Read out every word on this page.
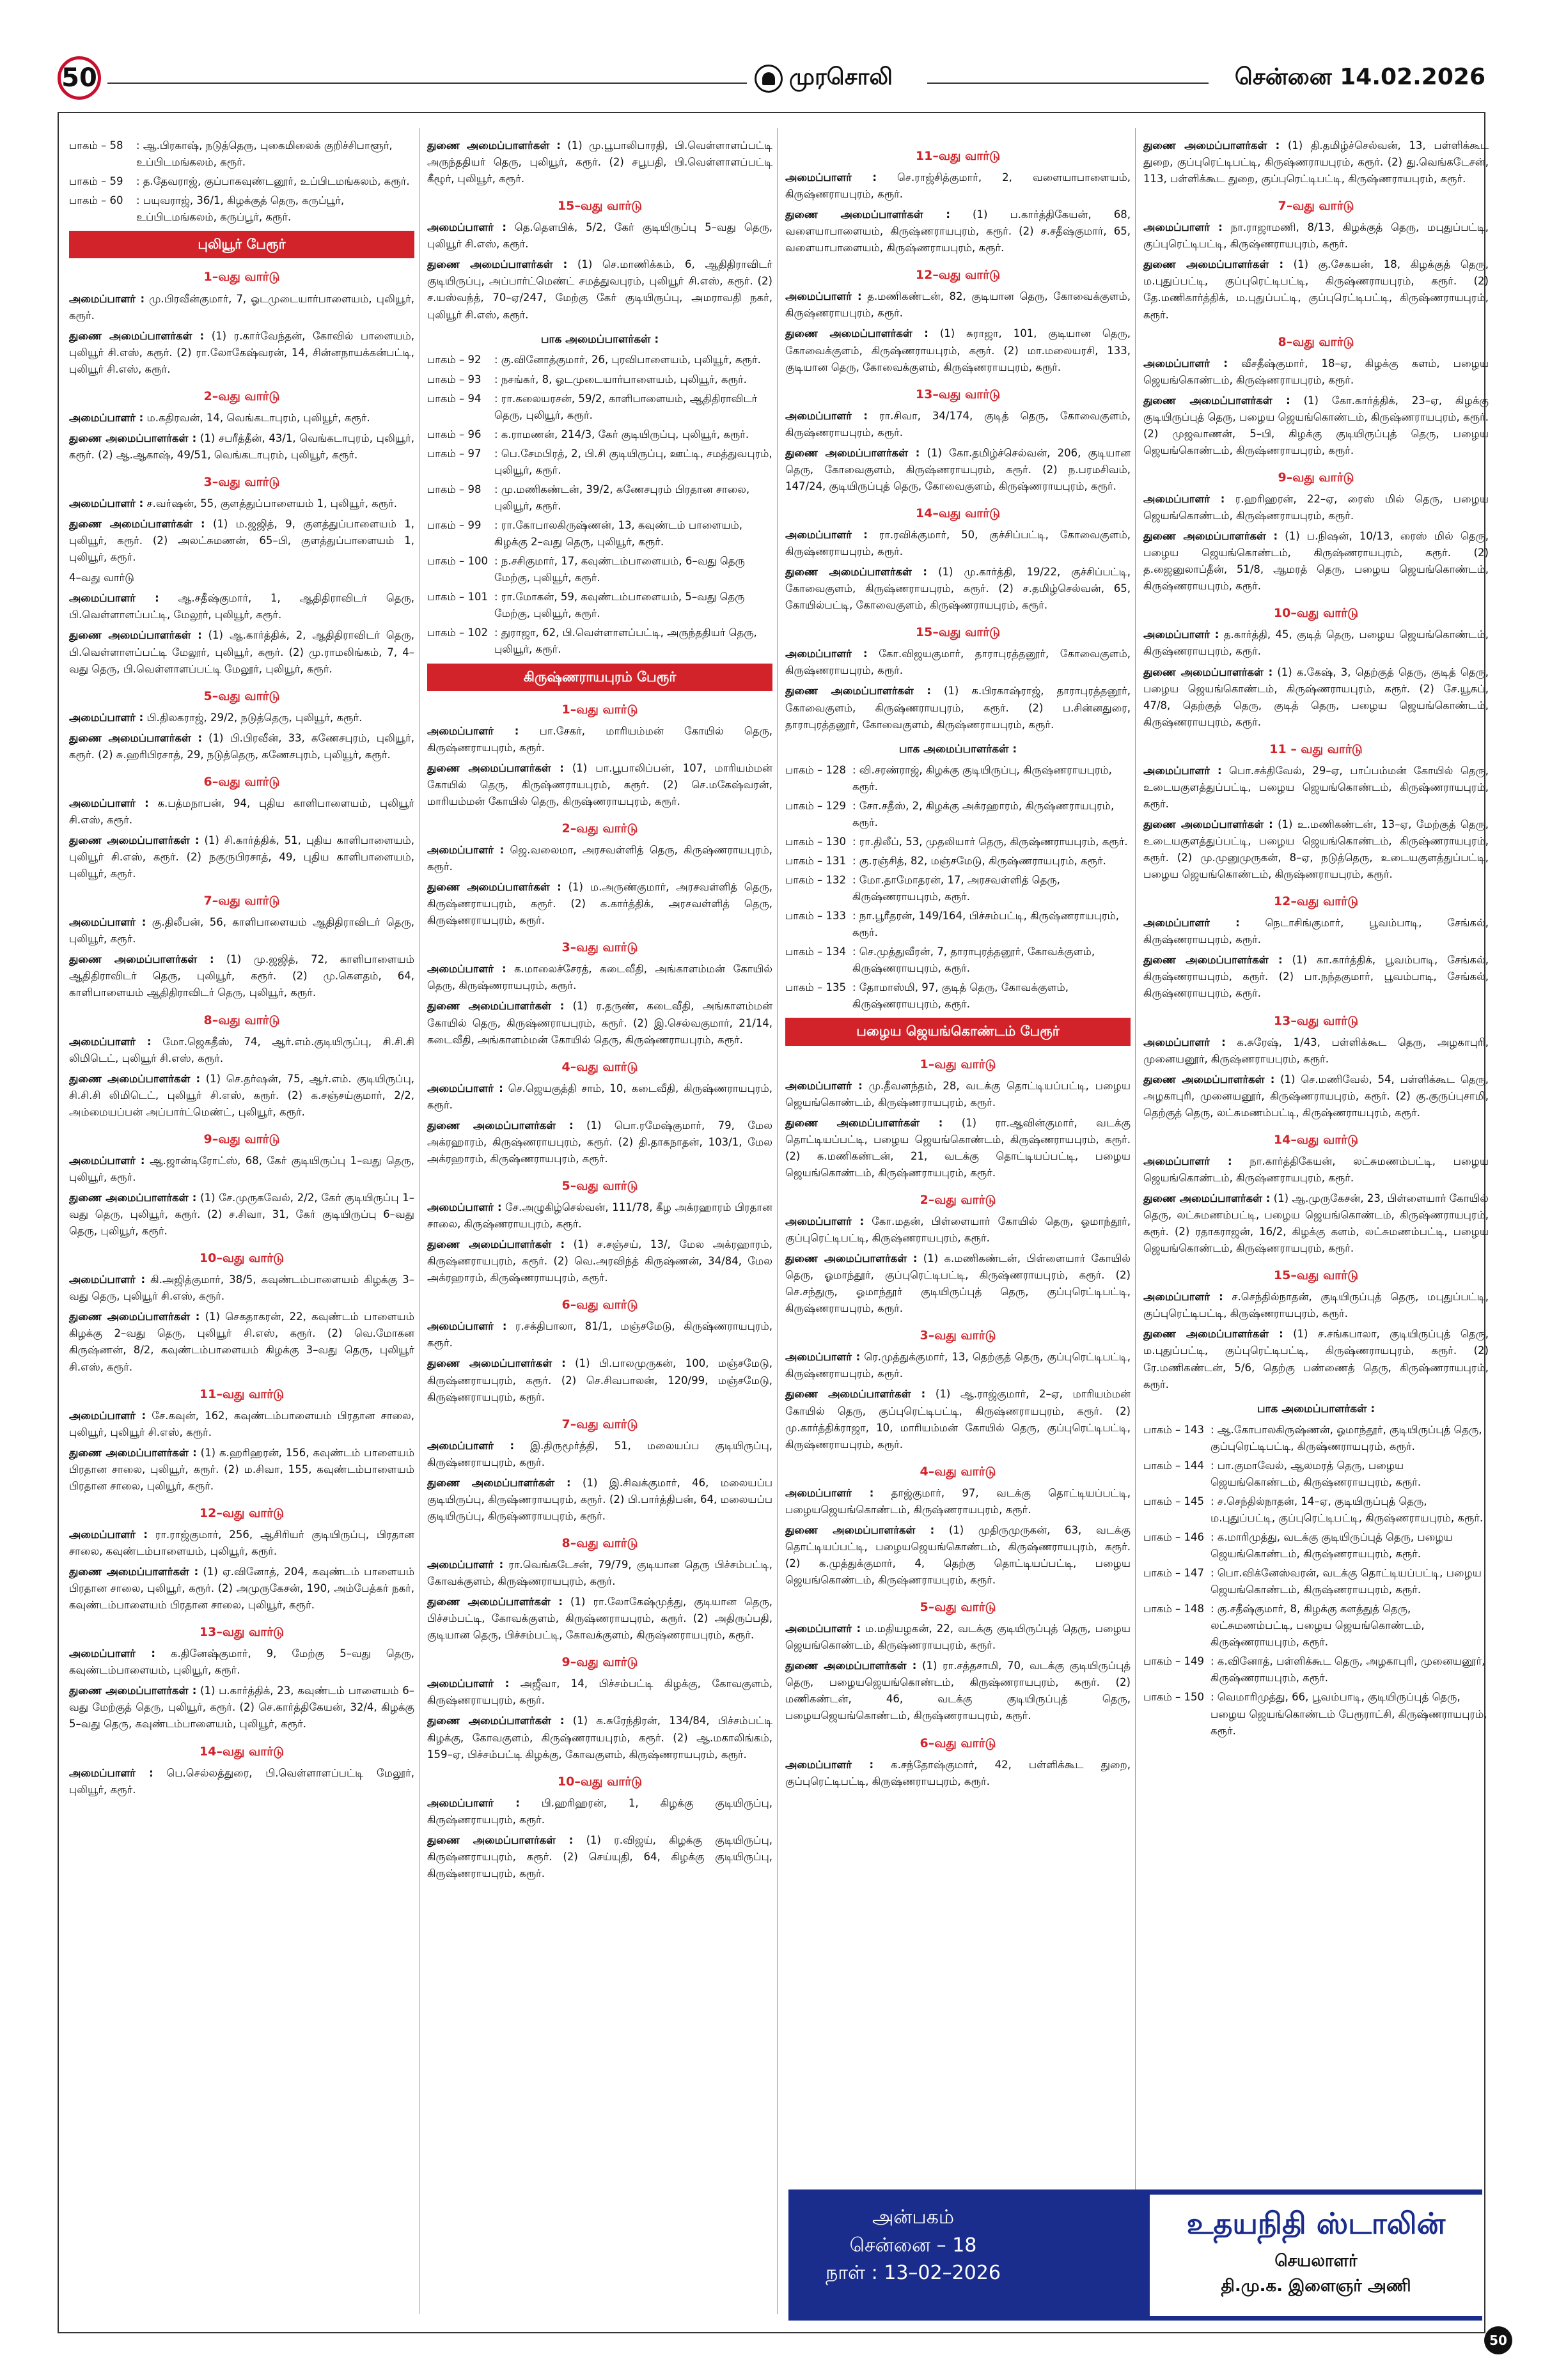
50	முரசொலி	சென்னை 14.02.2026
பாகம் – 58	: ஆ.பிரகாஷ், நடுத்தெரு, புகைமிலைக் குறிச்சிபாளூர், உப்பிடமங்கலம், கரூர்.
பாகம் – 59	: த.தேவராஜ், குப்பாகவுண்டனூர், உப்பிடமங்கலம், கரூர்.
பாகம் – 60	: பயுவராஜ், 36/1, கிழக்குத் தெரு, கருப்பூர், உப்பிடமங்கலம், கருப்பூர், கரூர்.
புலியூர் பேரூர்
1–வது வார்டு
அமைப்பாளர் : மு.பிரவீன்குமார், 7, ஓடமுடையார்பாளையம், புலியூர், கரூர்.
துணை அமைப்பாளர்கள் : (1) ர.கார்வேந்தன், கோவில் பாளையம், புலியூர் சி.எஸ், கரூர். (2) ரா.லோகேஷ்வரன், 14, சின்னநாயக்கன்பட்டி, புலியூர் சி.எஸ், கரூர்.
2–வது வார்டு
அமைப்பாளர் : ம.கதிரவன், 14, வெங்கடாபுரம், புலியூர், கரூர்.
துணை அமைப்பாளர்கள் : (1) சபரீத்தீன், 43/1, வெங்கடாபுரம், புலியூர், கரூர். (2) ஆ.ஆகாஷ், 49/51, வெங்கடாபுரம், புலியூர், கரூர்.
3–வது வார்டு
அமைப்பாளர் : ச.வர்ஷன், 55, குளத்துப்பாளையம் 1, புலியூர், கரூர்.
துணை அமைப்பாளர்கள் : (1) ம.ஜஜித், 9, குளத்துப்பாளையம் 1, புலியூர், கரூர். (2) அலட்சுமணன், 65–பி, குளத்துப்பாளையம் 1, புலியூர், கரூர்.
4–வது வார்டு
அமைப்பாளர் : ஆ.சதீஷ்குமார், 1, ஆதிதிராவிடர் தெரு, பி.வெள்ளாளப்பட்டி, மேலூர், புலியூர், கரூர்.
துணை அமைப்பாளர்கள் : (1) ஆ.கார்த்திக், 2, ஆதிதிராவிடர் தெரு, பி.வெள்ளாளப்பட்டி மேலூர், புலியூர், கரூர். (2) மு.ராமலிங்கம், 7, 4–வது தெரு, பி.வெள்ளாளப்பட்டி மேலூர், புலியூர், கரூர்.
5–வது வார்டு
அமைப்பாளர் : பி.திலகராஜ், 29/2, நடுத்தெரு, புலியூர், கரூர்.
துணை அமைப்பாளர்கள் : (1) பி.பிரவீன், 33, கணேசபுரம், புலியூர், கரூர். (2) சு.ஹரிபிரசாத், 29, நடுத்தெரு, கணேசபுரம், புலியூர், கரூர்.
6–வது வார்டு
அமைப்பாளர் : க.பத்மநாபன், 94, புதிய காளிபாளையம், புலியூர் சி.எஸ், கரூர்.
துணை அமைப்பாளர்கள் : (1) சி.கார்த்திக், 51, புதிய காளிபாளையம், புலியூர் சி.எஸ், கரூர். (2) நகுருபிரசாத், 49, புதிய காளிபாளையம், புலியூர், கரூர்.
7–வது வார்டு
அமைப்பாளர் : கு.திலீபன், 56, காளிபாளையம் ஆதிதிராவிடர் தெரு, புலியூர், கரூர்.
துணை அமைப்பாளர்கள் : (1) மு.ஜஜித், 72, காளிபாளையம் ஆதிதிராவிடர் தெரு, புலியூர், கரூர். (2) மு.கௌதம், 64, காளிபாளையம் ஆதிதிராவிடர் தெரு, புலியூர், கரூர்.
8–வது வார்டு
அமைப்பாளர் : மோ.ஜெகதீஸ், 74, ஆர்.எம்.குடியிருப்பு, சி.சி.சி லிமிடெட், புலியூர் சி.எஸ், கரூர்.
துணை அமைப்பாளர்கள் : (1) செ.தர்ஷன், 75, ஆர்.எம். குடியிருப்பு, சி.சி.சி லிமிடெட், புலியூர் சி.எஸ், கரூர். (2) க.சஞ்சய்குமார், 2/2, அம்மையப்பன் அப்பார்ட்மெண்ட், புலியூர், கரூர்.
9–வது வார்டு
அமைப்பாளர் : ஆ.ஜான்டிரோட்ஸ், 68, கேர் குடியிருப்பு 1–வது தெரு, புலியூர், கரூர்.
துணை அமைப்பாளர்கள் : (1) சே.முருகவேல், 2/2, கேர் குடியிருப்பு 1–வது தெரு, புலியூர், கரூர். (2) ச.சிவா, 31, கேர் குடியிருப்பு 6–வது தெரு, புலியூர், கரூர்.
10–வது வார்டு
அமைப்பாளர் : கி.அஜித்குமார், 38/5, கவுண்டம்பாளையம் கிழக்கு 3–வது தெரு, புலியூர் சி.எஸ், கரூர்.
துணை அமைப்பாளர்கள் : (1) செகதாகரன், 22, கவுண்டம் பாளையம் கிழக்கு 2–வது தெரு, புலியூர் சி.எஸ், கரூர். (2) வெ.மோகன கிருஷ்ணன், 8/2, கவுண்டம்பாளையம் கிழக்கு 3–வது தெரு, புலியூர் சி.எஸ், கரூர்.
11–வது வார்டு
அமைப்பாளர் : சே.கவுன், 162, கவுண்டம்பாளையம் பிரதான சாலை, புலியூர், புலியூர் சி.எஸ், கரூர்.
துணை அமைப்பாளர்கள் : (1) க.ஹரிஹரன், 156, கவுண்டம் பாளையம் பிரதான சாலை, புலியூர், கரூர். (2) ம.சிவா, 155, கவுண்டம்பாளையம் பிரதான சாலை, புலியூர், கரூர்.
12–வது வார்டு
அமைப்பாளர் : ரா.ராஜ்குமார், 256, ஆசிரியர் குடியிருப்பு, பிரதான சாலை, கவுண்டம்பாளையம், புலியூர், கரூர்.
துணை அமைப்பாளர்கள் : (1) ஏ.வினோத், 204, கவுண்டம் பாளையம் பிரதான சாலை, புலியூர், கரூர். (2) அமுருகேசன், 190, அம்பேத்கர் நகர், கவுண்டம்பாளையம் பிரதான சாலை, புலியூர், கரூர்.
13–வது வார்டு
அமைப்பாளர் : க.தினேஷ்குமார், 9, மேற்கு 5–வது தெரு, கவுண்டம்பாளையம், புலியூர், கரூர்.
துணை அமைப்பாளர்கள் : (1) ப.கார்த்திக், 23, கவுண்டம் பாளையம் 6–வது மேற்குத் தெரு, புலியூர், கரூர். (2) செ.கார்த்திகேயன், 32/4, கிழக்கு 5–வது தெரு, கவுண்டம்பாளையம், புலியூர், கரூர்.
14–வது வார்டு
அமைப்பாளர் : பெ.செல்லத்துரை, பி.வெள்ளாளப்பட்டி மேலூர், புலியூர், கரூர்.
துணை அமைப்பாளர்கள் : (1) மு.பூபாலிபாரதி, பி.வெள்ளாளப்பட்டி அருந்ததியர் தெரு, புலியூர், கரூர். (2) சபூபதி, பி.வெள்ளாளப்பட்டி கீழூர், புலியூர், கரூர்.
15–வது வார்டு
அமைப்பாளர் : தெ.தெளபிக், 5/2, கேர் குடியிருப்பு 5–வது தெரு, புலியூர் சி.எஸ், கரூர்.
துணை அமைப்பாளர்கள் : (1) செ.மாணிக்கம், 6, ஆதிதிராவிடர் குடியிருப்பு, அப்பார்ட்மெண்ட் சமத்துவபுரம், புலியூர் சி.எஸ், கரூர். (2) ச.யஸ்வந்த், 70–ஏ/247, மேற்கு கேர் குடியிருப்பு, அமராவதி நகர், புலியூர் சி.எஸ், கரூர்.
பாக அமைப்பாளர்கள் :
பாகம் – 92	: கு.வினோத்குமார், 26, புரவிபாளையம், புலியூர், கரூர்.
பாகம் – 93	: நசங்கர், 8, ஓடமுடையார்பாளையம், புலியூர், கரூர்.
பாகம் – 94	: ரா.கலையரசன், 59/2, காளிபாளையம், ஆதிதிராவிடர் தெரு, புலியூர், கரூர்.
பாகம் – 96	: க.ராமணன், 214/3, கேர் குடியிருப்பு, புலியூர், கரூர்.
பாகம் – 97	: பெ.சேமபிரத், 2, பி.சி குடியிருப்பு, ஊட்டி, சமத்துவபுரம், புலியூர், கரூர்.
பாகம் – 98	: மு.மணிகண்டன், 39/2, கணேசபுரம் பிரதான சாலை, புலியூர், கரூர்.
பாகம் – 99	: ரா.கோபாலகிருஷ்ணன், 13, கவுண்டம் பாளையம், கிழக்கு 2–வது தெரு, புலியூர், கரூர்.
பாகம் – 100 : ந.சசிகுமார், 17, கவுண்டம்பாளையம், 6–வது தெரு மேற்கு, புலியூர், கரூர்.
பாகம் – 101 : ரா.மோகன், 59, கவுண்டம்பாளையம், 5–வது தெரு மேற்கு, புலியூர், கரூர்.
பாகம் – 102 : துராஜா, 62, பி.வெள்ளாளப்பட்டி, அருந்ததியர் தெரு, புலியூர், கரூர்.
கிருஷ்ணராயபுரம் பேரூர்
1–வது வார்டு
அமைப்பாளர் : பா.சேகர், மாரியம்மன் கோயில் தெரு, கிருஷ்ணராயபுரம், கரூர்.
துணை அமைப்பாளர்கள் : (1) பா.பூபாலிப்பன், 107, மாரியம்மன் கோயில் தெரு, கிருஷ்ணராயபுரம், கரூர். (2) செ.மகேஷ்வரன், மாரியம்மன் கோயில் தெரு, கிருஷ்ணராயபுரம், கரூர்.
2–வது வார்டு
அமைப்பாளர் : ஜெ.வலைமா, அரசவள்ளித் தெரு, கிருஷ்ணராயபுரம், கரூர்.
துணை அமைப்பாளர்கள் : (1) ம.அருண்குமார், அரசவள்ளித் தெரு, கிருஷ்ணராயபுரம், கரூர். (2) க.கார்த்திக், அரசவள்ளித் தெரு, கிருஷ்ணராயபுரம், கரூர்.
3–வது வார்டு
அமைப்பாளர் : க.மாலைச்சேரத், கடைவீதி, அங்காளம்மன் கோயில் தெரு, கிருஷ்ணராயபுரம், கரூர்.
துணை அமைப்பாளர்கள் : (1) ர.தருண், கடைவீதி, அங்காளம்மன் கோயில் தெரு, கிருஷ்ணராயபுரம், கரூர். (2) இ.செல்வகுமார், 21/14, கடைவீதி, அங்காளம்மன் கோயில் தெரு, கிருஷ்ணராயபுரம், கரூர்.
4–வது வார்டு
அமைப்பாளர் : செ.ஜெயகுத்தி சாம், 10, கடைவீதி, கிருஷ்ணராயபுரம், கரூர்.
துணை அமைப்பாளர்கள் : (1) பொ.ரமேஷ்குமார், 79, மேல அக்ரஹாரம், கிருஷ்ணராயபுரம், கரூர். (2) தி.தாகநாதன், 103/1, மேல அக்ரஹாரம், கிருஷ்ணராயபுரம், கரூர்.
5–வது வார்டு
அமைப்பாளர் : சே.அழுகிழ்செல்வன், 111/78, கீழ அக்ரஹாரம் பிரதான சாலை, கிருஷ்ணராயபுரம், கரூர்.
துணை அமைப்பாளர்கள் : (1) ச.சஞ்சய், 13/, மேல அக்ரஹாரம், கிருஷ்ணராயபுரம், கரூர். (2) வெ.அரவிந்த் கிருஷ்ணன், 34/84, மேல அக்ரஹாரம், கிருஷ்ணராயபுரம், கரூர்.
6–வது வார்டு
அமைப்பாளர் : ர.சக்திபாலா, 81/1, மஞ்சமேடு, கிருஷ்ணராயபுரம், கரூர்.
துணை அமைப்பாளர்கள் : (1) பி.பாலமுருகன், 100, மஞ்சமேடு, கிருஷ்ணராயபுரம், கரூர். (2) செ.சிவபாலன், 120/99, மஞ்சமேடு, கிருஷ்ணராயபுரம், கரூர்.
7–வது வார்டு
அமைப்பாளர் : இ.திருமூர்த்தி, 51, மலையப்ப குடியிருப்பு, கிருஷ்ணராயபுரம், கரூர்.
துணை அமைப்பாளர்கள் : (1) இ.சிவக்குமார், 46, மலையப்ப குடியிருப்பு, கிருஷ்ணராயபுரம், கரூர். (2) பி.பார்த்திபன், 64, மலையப்ப குடியிருப்பு, கிருஷ்ணராயபுரம், கரூர்.
8–வது வார்டு
அமைப்பாளர் : ரா.வெங்கடேசன், 79/79, குடியான தெரு பிச்சம்பட்டி, கோவக்குளம், கிருஷ்ணராயபுரம், கரூர்.
துணை அமைப்பாளர்கள் : (1) ரா.லோகேஷ்முத்து, குடியான தெரு, பிச்சம்பட்டி, கோவக்குளம், கிருஷ்ணராயபுரம், கரூர். (2) அதிருப்பதி, குடியான தெரு, பிச்சம்பட்டி, கோவக்குளம், கிருஷ்ணராயபுரம், கரூர்.
9–வது வார்டு
அமைப்பாளர் : அஜீவா, 14, பிச்சம்பட்டி கிழக்கு, கோவகுளம், கிருஷ்ணராயபுரம், கரூர்.
துணை அமைப்பாளர்கள் : (1) க.சுரேந்திரன், 134/84, பிச்சம்பட்டி கிழக்கு, கோவகுளம், கிருஷ்ணராயபுரம், கரூர். (2) ஆ.மகாலிங்கம், 159–ஏ, பிச்சம்பட்டி கிழக்கு, கோவகுளம், கிருஷ்ணராயபுரம், கரூர்.
10–வது வார்டு
அமைப்பாளர் : பி.ஹரிஹரன், 1, கிழக்கு குடியிருப்பு, கிருஷ்ணராயபுரம், கரூர்.
துணை அமைப்பாளர்கள் : (1) ர.விஜய், கிழக்கு குடியிருப்பு, கிருஷ்ணராயபுரம், கரூர். (2) செய்யுதி, 64, கிழக்கு குடியிருப்பு, கிருஷ்ணராயபுரம், கரூர்.
11–வது வார்டு
அமைப்பாளர் : செ.ராஜ்சித்குமார், 2, வளையாபாளையம், கிருஷ்ணராயபுரம், கரூர்.
துணை அமைப்பாளர்கள் : (1) ப.கார்த்திகேயன், 68, வளையாபாளையம், கிருஷ்ணராயபுரம், கரூர். (2) ச.சதீஷ்குமார், 65, வளையாபாளையம், கிருஷ்ணராயபுரம், கரூர்.
12–வது வார்டு
அமைப்பாளர் : த.மணிகண்டன், 82, குடியான தெரு, கோவைக்குளம், கிருஷ்ணராயபுரம், கரூர்.
துணை அமைப்பாளர்கள் : (1) சுராஜா, 101, குடியான தெரு, கோவைக்குளம், கிருஷ்ணராயபுரம், கரூர். (2) மா.மலையரசி, 133, குடியான தெரு, கோவைக்குளம், கிருஷ்ணராயபுரம், கரூர்.
13–வது வார்டு
அமைப்பாளர் : ரா.சிவா, 34/174, குடித் தெரு, கோவைகுளம், கிருஷ்ணராயபுரம், கரூர்.
துணை அமைப்பாளர்கள் : (1) கோ.தமிழ்ச்செல்வன், 206, குடியான தெரு, கோவைகுளம், கிருஷ்ணராயபுரம், கரூர். (2) ந.பரமசிவம், 147/24, குடியிருப்புத் தெரு, கோவைகுளம், கிருஷ்ணராயபுரம், கரூர்.
14–வது வார்டு
அமைப்பாளர் : ரா.ரவிக்குமார், 50, குச்சிப்பட்டி, கோவைகுளம், கிருஷ்ணராயபுரம், கரூர்.
துணை அமைப்பாளர்கள் : (1) மு.கார்த்தி, 19/22, குச்சிப்பட்டி, கோவைகுளம், கிருஷ்ணராயபுரம், கரூர். (2) ச.தமிழ்செல்வன், 65, கோயில்பட்டி, கோவைகுளம், கிருஷ்ணராயபுரம், கரூர்.
15–வது வார்டு
அமைப்பாளர் : கோ.விஜயகுமார், தாராபுரத்தனூர், கோவைகுளம், கிருஷ்ணராயபுரம், கரூர்.
துணை அமைப்பாளர்கள் : (1) க.பிரகாஷ்ராஜ், தாராபுரத்தனூர், கோவைகுளம், கிருஷ்ணராயபுரம், கரூர். (2) ப.சின்னதுரை, தாராபுரத்தனூர், கோவைகுளம், கிருஷ்ணராயபுரம், கரூர்.
பாக அமைப்பாளர்கள் :
பாகம் – 128 : வி.சரண்ராஜ், கிழக்கு குடியிருப்பு, கிருஷ்ணராயபுரம், கரூர்.
பாகம் – 129 : சோ.சதீஸ், 2, கிழக்கு அக்ரஹாரம், கிருஷ்ணராயபுரம், கரூர்.
பாகம் – 130 : ரா.திலீப், 53, முதலியார் தெரு, கிருஷ்ணராயபுரம், கரூர்.
பாகம் – 131 : கு.ரஞ்சித், 82, மஞ்சமேடு, கிருஷ்ணராயபுரம், கரூர்.
பாகம் – 132 : மோ.தாமோதரன், 17, அரசவள்ளித் தெரு, கிருஷ்ணராயபுரம், கரூர்.
பாகம் – 133 : நா.பூரீதரன், 149/164, பிச்சம்பட்டி, கிருஷ்ணராயபுரம், கரூர்.
பாகம் – 134 : செ.முத்துவீரன், 7, தாராபுரத்தனூர், கோவக்குளம், கிருஷ்ணராயபுரம், கரூர்.
பாகம் – 135 : தோமாஸ்மி, 97, குடித் தெரு, கோவக்குளம், கிருஷ்ணராயபுரம், கரூர்.
பழைய ஜெயங்கொண்டம் பேரூர்
1–வது வார்டு
அமைப்பாளர் : மு.தீவனந்தம், 28, வடக்கு தொட்டியப்பட்டி, பழைய ஜெயங்கொண்டம், கிருஷ்ணராயபுரம், கரூர்.
துணை அமைப்பாளர்கள் : (1) ரா.ஆவின்குமார், வடக்கு தொட்டியப்பட்டி, பழைய ஜெயங்கொண்டம், கிருஷ்ணராயபுரம், கரூர். (2) க.மணிகண்டன், 21, வடக்கு தொட்டியப்பட்டி, பழைய ஜெயங்கொண்டம், கிருஷ்ணராயபுரம், கரூர்.
2–வது வார்டு
அமைப்பாளர் : கோ.மதன், பிள்ளையார் கோயில் தெரு, ஓமாந்தூர், குப்புரெட்டிபட்டி, கிருஷ்ணராயபுரம், கரூர்.
துணை அமைப்பாளர்கள் : (1) க.மணிகண்டன், பிள்ளையார் கோயில் தெரு, ஓமாந்தூர், குப்புரெட்டிபட்டி, கிருஷ்ணராயபுரம், கரூர். (2) செ.சந்துரு, ஓமாந்தூர் குடியிருப்புத் தெரு, குப்புரெட்டிபட்டி, கிருஷ்ணராயபுரம், கரூர்.
3–வது வார்டு
அமைப்பாளர் : ரெ.முத்துக்குமார், 13, தெற்குத் தெரு, குப்புரெட்டிபட்டி, கிருஷ்ணராயபுரம், கரூர்.
துணை அமைப்பாளர்கள் : (1) ஆ.ராஜ்குமார், 2–ஏ, மாரியம்மன் கோயில் தெரு, குப்புரெட்டிபட்டி, கிருஷ்ணராயபுரம், கரூர். (2) மு.கார்த்திக்ராஜா, 10, மாரியம்மன் கோயில் தெரு, குப்புரெட்டிபட்டி, கிருஷ்ணராயபுரம், கரூர்.
4–வது வார்டு
அமைப்பாளர் : தாஜ்குமார், 97, வடக்கு தொட்டியப்பட்டி, பழையஜெயங்கொண்டம், கிருஷ்ணராயபுரம், கரூர்.
துணை அமைப்பாளர்கள் : (1) முதிருமுருகன், 63, வடக்கு தொட்டியப்பட்டி, பழையஜெயங்கொண்டம், கிருஷ்ணராயபுரம், கரூர். (2) க.முத்துக்குமார், 4, தெற்கு தொட்டியப்பட்டி, பழைய ஜெயங்கொண்டம், கிருஷ்ணராயபுரம், கரூர்.
5–வது வார்டு
அமைப்பாளர் : ம.மதியழகன், 22, வடக்கு குடியிருப்புத் தெரு, பழைய ஜெயங்கொண்டம், கிருஷ்ணராயபுரம், கரூர்.
துணை அமைப்பாளர்கள் : (1) ரா.சத்தசாமி, 70, வடக்கு குடியிருப்புத் தெரு, பழையஜெயங்கொண்டம், கிருஷ்ணராயபுரம், கரூர். (2) மணிகண்டன், 46, வடக்கு குடியிருப்புத் தெரு, பழையஜெயங்கொண்டம், கிருஷ்ணராயபுரம், கரூர்.
6–வது வார்டு
அமைப்பாளர் : க.சந்தோஷ்குமார், 42, பள்ளிக்கூட துறை, குப்புரெட்டிபட்டி, கிருஷ்ணராயபுரம், கரூர்.
துணை அமைப்பாளர்கள் : (1) தி.தமிழ்ச்செல்வன், 13, பள்ளிக்கூட துறை, குப்புரெட்டிபட்டி, கிருஷ்ணராயபுரம், கரூர். (2) து.வெங்கடேசன், 113, பள்ளிக்கூட துறை, குப்புரெட்டிபட்டி, கிருஷ்ணராயபுரம், கரூர்.
7–வது வார்டு
அமைப்பாளர் : நா.ராஜாமணி, 8/13, கிழக்குத் தெரு, மபுதுப்பட்டி, குப்புரெட்டிபட்டி, கிருஷ்ணராயபுரம், கரூர்.
துணை அமைப்பாளர்கள் : (1) கு.சேகயன், 18, கிழக்குத் தெரு, ம.புதுப்பட்டி, குப்புரெட்டிபட்டி, கிருஷ்ணராயபுரம், கரூர். (2) தே.மணிகார்த்திக், ம.புதுப்பட்டி, குப்புரெட்டிபட்டி, கிருஷ்ணராயபுரம், கரூர்.
8–வது வார்டு
அமைப்பாளர் : வீசதீஷ்குமார், 18–ஏ, கிழக்கு களம், பழைய ஜெயங்கொண்டம், கிருஷ்ணராயபுரம், கரூர்.
துணை அமைப்பாளர்கள் : (1) கோ.கார்த்திக், 23–ஏ, கிழக்கு குடியிருப்புத் தெரு, பழைய ஜெயங்கொண்டம், கிருஷ்ணராயபுரம், கரூர். (2) முஜவாணன், 5–பி, கிழக்கு குடியிருப்புத் தெரு, பழைய ஜெயங்கொண்டம், கிருஷ்ணராயபுரம், கரூர்.
9–வது வார்டு
அமைப்பாளர் : ர.ஹரிஹரன், 22–ஏ, ரைஸ் மில் தெரு, பழைய ஜெயங்கொண்டம், கிருஷ்ணராயபுரம், கரூர்.
துணை அமைப்பாளர்கள் : (1) ப.நிஷன், 10/13, ரைஸ் மில் தெரு, பழைய ஜெயங்கொண்டம், கிருஷ்ணராயபுரம், கரூர். (2) த.ஜைனுலாப்தீன், 51/8, ஆமரத் தெரு, பழைய ஜெயங்கொண்டம், கிருஷ்ணராயபுரம், கரூர்.
10–வது வார்டு
அமைப்பாளர் : த.கார்த்தி, 45, குடித் தெரு, பழைய ஜெயங்கொண்டம், கிருஷ்ணராயபுரம், கரூர்.
துணை அமைப்பாளர்கள் : (1) க.கேஷ், 3, தெற்குத் தெரு, குடித் தெரு, பழைய ஜெயங்கொண்டம், கிருஷ்ணராயபுரம், கரூர். (2) சே.யூசுப், 47/8, தெற்குத் தெரு, குடித் தெரு, பழைய ஜெயங்கொண்டம், கிருஷ்ணராயபுரம், கரூர்.
11 – வது வார்டு
அமைப்பாளர் : பொ.சக்திவேல், 29–ஏ, பாப்பம்மன் கோயில் தெரு, உடையகுளத்துப்பட்டி, பழைய ஜெயங்கொண்டம், கிருஷ்ணராயபுரம், கரூர்.
துணை அமைப்பாளர்கள் : (1) உ.மணிகண்டன், 13–ஏ, மேற்குத் தெரு, உடையகுளத்துப்பட்டி, பழைய ஜெயங்கொண்டம், கிருஷ்ணராயபுரம், கரூர். (2) மு.முனுமுருகன், 8–ஏ, நடுத்தெரு, உடையகுளத்துப்பட்டி, பழைய ஜெயங்கொண்டம், கிருஷ்ணராயபுரம், கரூர்.
12–வது வார்டு
அமைப்பாளர் : நெடாசிங்குமார், பூவம்பாடி, சேங்கல், கிருஷ்ணராயபுரம், கரூர்.
துணை அமைப்பாளர்கள் : (1) கா.கார்த்திக், பூவம்பாடி, சேங்கல், கிருஷ்ணராயபுரம், கரூர். (2) பா.நந்தகுமார், பூவம்பாடி, சேங்கல், கிருஷ்ணராயபுரம், கரூர்.
13–வது வார்டு
அமைப்பாளர் : க.சுரேஷ், 1/43, பள்ளிக்கூட தெரு, அழகாபுரி, முனையனூர், கிருஷ்ணராயபுரம், கரூர்.
துணை அமைப்பாளர்கள் : (1) செ.மணிவேல், 54, பள்ளிக்கூட தெரு, அழகாபுரி, முனையனூர், கிருஷ்ணராயபுரம், கரூர். (2) கு.குருப்புசாமி, தெற்குத் தெரு, லட்சுமணம்பட்டி, கிருஷ்ணராயபுரம், கரூர்.
14–வது வார்டு
அமைப்பாளர் : நா.கார்த்திகேயன், லட்சுமணம்பட்டி, பழைய ஜெயங்கொண்டம், கிருஷ்ணராயபுரம், கரூர்.
துணை அமைப்பாளர்கள் : (1) ஆ.முருகேசன், 23, பிள்ளையார் கோயில் தெரு, லட்சுமணம்பட்டி, பழைய ஜெயங்கொண்டம், கிருஷ்ணராயபுரம், கரூர். (2) ரதாகராஜன், 16/2, கிழக்கு களம், லட்சுமணம்பட்டி, பழைய ஜெயங்கொண்டம், கிருஷ்ணராயபுரம், கரூர்.
15–வது வார்டு
அமைப்பாளர் : ச.செந்தில்நாதன், குடியிருப்புத் தெரு, மபுதுப்பட்டி, குப்புரெட்டிபட்டி, கிருஷ்ணராயபுரம், கரூர்.
துணை அமைப்பாளர்கள் : (1) ச.சங்கபாலா, குடியிருப்புத் தெரு, ம.புதுப்பட்டி, குப்புரெட்டிபட்டி, கிருஷ்ணராயபுரம், கரூர். (2) ரே.மணிகண்டன், 5/6, தெற்கு பண்ணைத் தெரு, கிருஷ்ணராயபுரம், கரூர்.
பாக அமைப்பாளர்கள் :
பாகம் – 143 : ஆ.கோபாலகிருஷ்ணன், ஓமாந்தூர், குடியிருப்புத் தெரு, குப்புரெட்டிபட்டி, கிருஷ்ணராயபுரம், கரூர்.
பாகம் – 144 : பா.குமாவேல், ஆலமரத் தெரு, பழைய ஜெயங்கொண்டம், கிருஷ்ணராயபுரம், கரூர்.
பாகம் – 145 : ச.செந்தில்நாதன், 14–ஏ, குடியிருப்புத் தெரு, ம.புதுப்பட்டி, குப்புரெட்டிபட்டி, கிருஷ்ணராயபுரம், கரூர்.
பாகம் – 146 : க.மாரிமுத்து, வடக்கு குடியிருப்புத் தெரு, பழைய ஜெயங்கொண்டம், கிருஷ்ணராயபுரம், கரூர்.
பாகம் – 147 : பொ.விக்னேஸ்வரன், வடக்கு தொட்டியப்பட்டி, பழைய ஜெயங்கொண்டம், கிருஷ்ணராயபுரம், கரூர்.
பாகம் – 148 : கு.சதீஷ்குமார், 8, கிழக்கு களத்துத் தெரு, லட்சுமணம்பட்டி, பழைய ஜெயங்கொண்டம், கிருஷ்ணராயபுரம், கரூர்.
பாகம் – 149 : க.வினோத், பள்ளிக்கூட தெரு, அழகாபுரி, முனையனூர், கிருஷ்ணராயபுரம், கரூர்.
பாகம் – 150 : வெமாரிமுத்து, 66, பூவம்பாடி, குடியிருப்புத் தெரு, பழைய ஜெயங்கொண்டம் பேரூராட்சி, கிருஷ்ணராயபுரம், கரூர்.
அன்பகம்
சென்னை – 18
நாள் : 13–02–2026
உதயநிதி ஸ்டாலின்
செயலாளர்
தி.மு.க. இளைஞர் அணி
50
